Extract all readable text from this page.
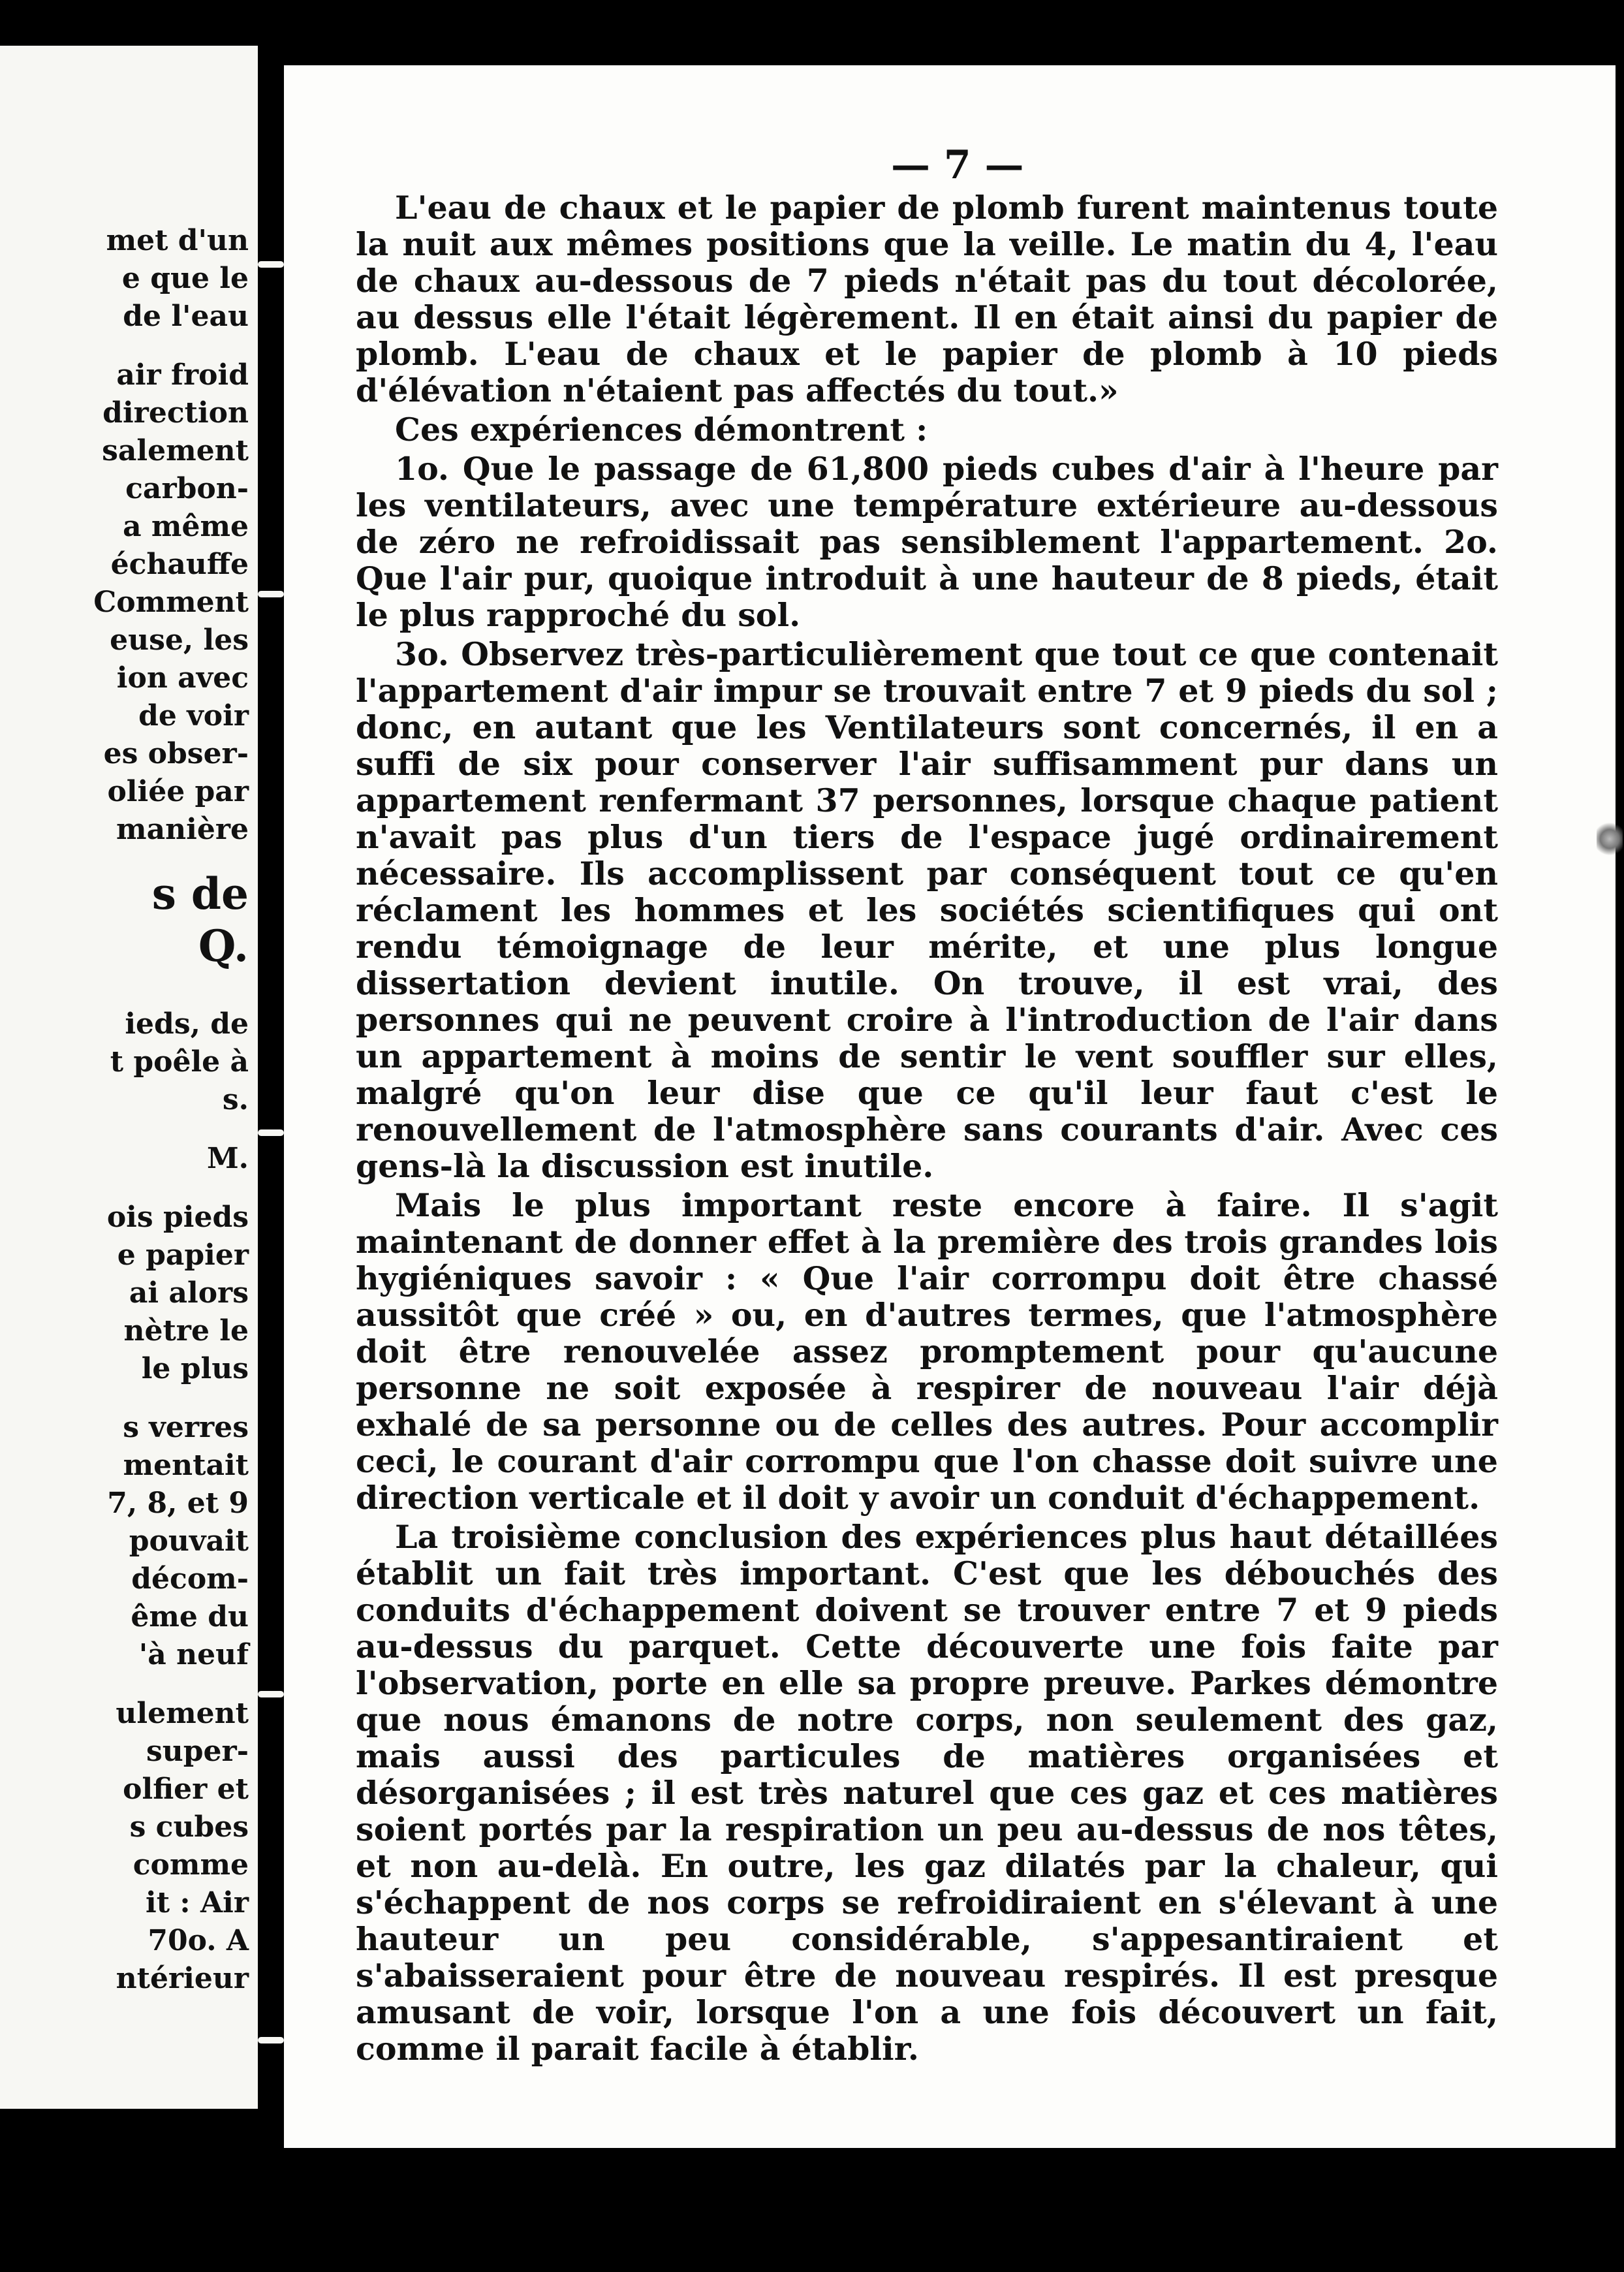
met d'un
e que le
de l'eau
air froid
direction
salement
carbon-
a même
échauffe
Comment
euse, les
ion avec
de voir
es obser-
oliée par
manière
s de
Q.
ieds, de
t poêle à
s.
M.
ois pieds
e papier
ai alors
nètre le
le plus
s verres
mentait
7, 8, et 9
pouvait
décom-
ême du
'à neuf
ulement
super-
olfier et
s cubes
comme
it : Air
70o. A
ntérieur
— 7 —

L'eau de chaux et le papier de plomb furent maintenus toute la nuit aux mêmes positions que la veille. Le matin du 4, l'eau de chaux au-dessous de 7 pieds n'était pas du tout décolorée, au dessus elle l'était légèrement. Il en était ainsi du papier de plomb. L'eau de chaux et le papier de plomb à 10 pieds d'élévation n'étaient pas affectés du tout.»

Ces expériences démontrent :

1o. Que le passage de 61,800 pieds cubes d'air à l'heure par les ventilateurs, avec une température extérieure au-dessous de zéro ne refroidissait pas sensiblement l'appartement. 2o. Que l'air pur, quoique introduit à une hauteur de 8 pieds, était le plus rapproché du sol.

3o. Observez très-particulièrement que tout ce que contenait l'appartement d'air impur se trouvait entre 7 et 9 pieds du sol ; donc, en autant que les Ventilateurs sont concernés, il en a suffi de six pour conserver l'air suffisamment pur dans un appartement renfermant 37 personnes, lorsque chaque patient n'avait pas plus d'un tiers de l'espace jugé ordinairement nécessaire. Ils accomplissent par conséquent tout ce qu'en réclament les hommes et les sociétés scientifiques qui ont rendu témoignage de leur mérite, et une plus longue dissertation devient inutile. On trouve, il est vrai, des personnes qui ne peuvent croire à l'introduction de l'air dans un appartement à moins de sentir le vent souffler sur elles, malgré qu'on leur dise que ce qu'il leur faut c'est le renouvellement de l'atmosphère sans courants d'air. Avec ces gens-là la discussion est inutile.

Mais le plus important reste encore à faire. Il s'agit maintenant de donner effet à la première des trois grandes lois hygiéniques savoir : « Que l'air corrompu doit être chassé aussitôt que créé » ou, en d'autres termes, que l'atmosphère doit être renouvelée assez promptement pour qu'aucune personne ne soit exposée à respirer de nouveau l'air déjà exhalé de sa personne ou de celles des autres. Pour accomplir ceci, le courant d'air corrompu que l'on chasse doit suivre une direction verticale et il doit y avoir un conduit d'échappement.

La troisième conclusion des expériences plus haut détaillées établit un fait très important. C'est que les débouchés des conduits d'échappement doivent se trouver entre 7 et 9 pieds au-dessus du parquet. Cette découverte une fois faite par l'observation, porte en elle sa propre preuve. Parkes démontre que nous émanons de notre corps, non seulement des gaz, mais aussi des particules de matières organisées et désorganisées ; il est très naturel que ces gaz et ces matières soient portés par la respiration un peu au-dessus de nos têtes, et non au-delà. En outre, les gaz dilatés par la chaleur, qui s'échappent de nos corps se refroidiraient en s'élevant à une hauteur un peu considérable, s'appesantiraient et s'abaisseraient pour être de nouveau respirés. Il est presque amusant de voir, lorsque l'on a une fois découvert un fait, comme il parait facile à établir.
